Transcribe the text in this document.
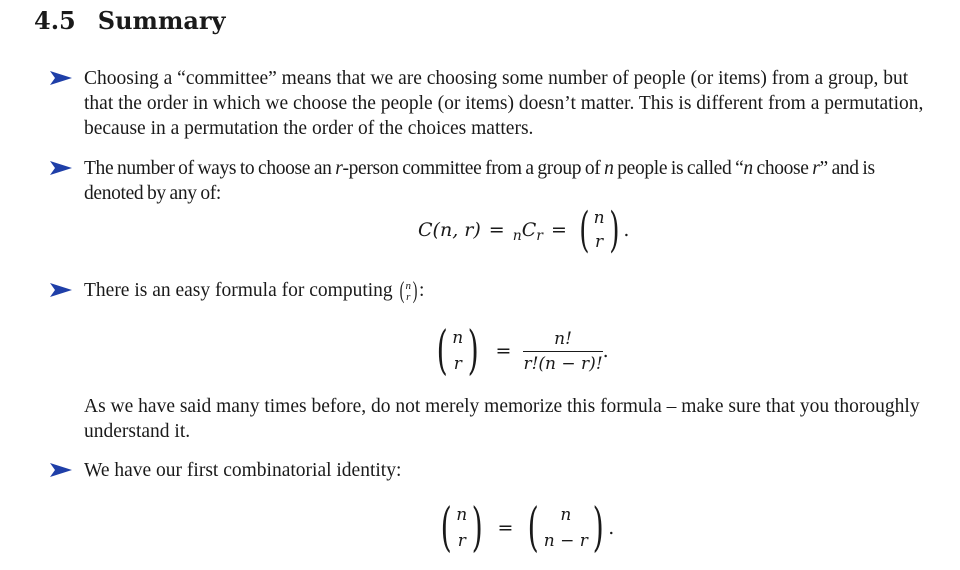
4.5 Summary

Choosing a “committee” means that we are choosing some number of people (or items) from a group, but that the order in which we choose the people (or items) doesn’t matter. This is different from a permutation, because in a permutation the order of the choices matters.

The number of ways to choose an r-person committee from a group of n people is called “n choose r” and is denoted by any of:

C (n, r) = n C r = ( n
r ) .

There is an easy formula for computing ( n
r ) :

( n
r ) = $\frac{n!}{r!(n - r)!}$ .

As we have said many times before, do not merely memorize this formula – make sure that you thoroughly understand it.

We have our first combinatorial identity:

( n
r ) = ( n
n − r ) .
